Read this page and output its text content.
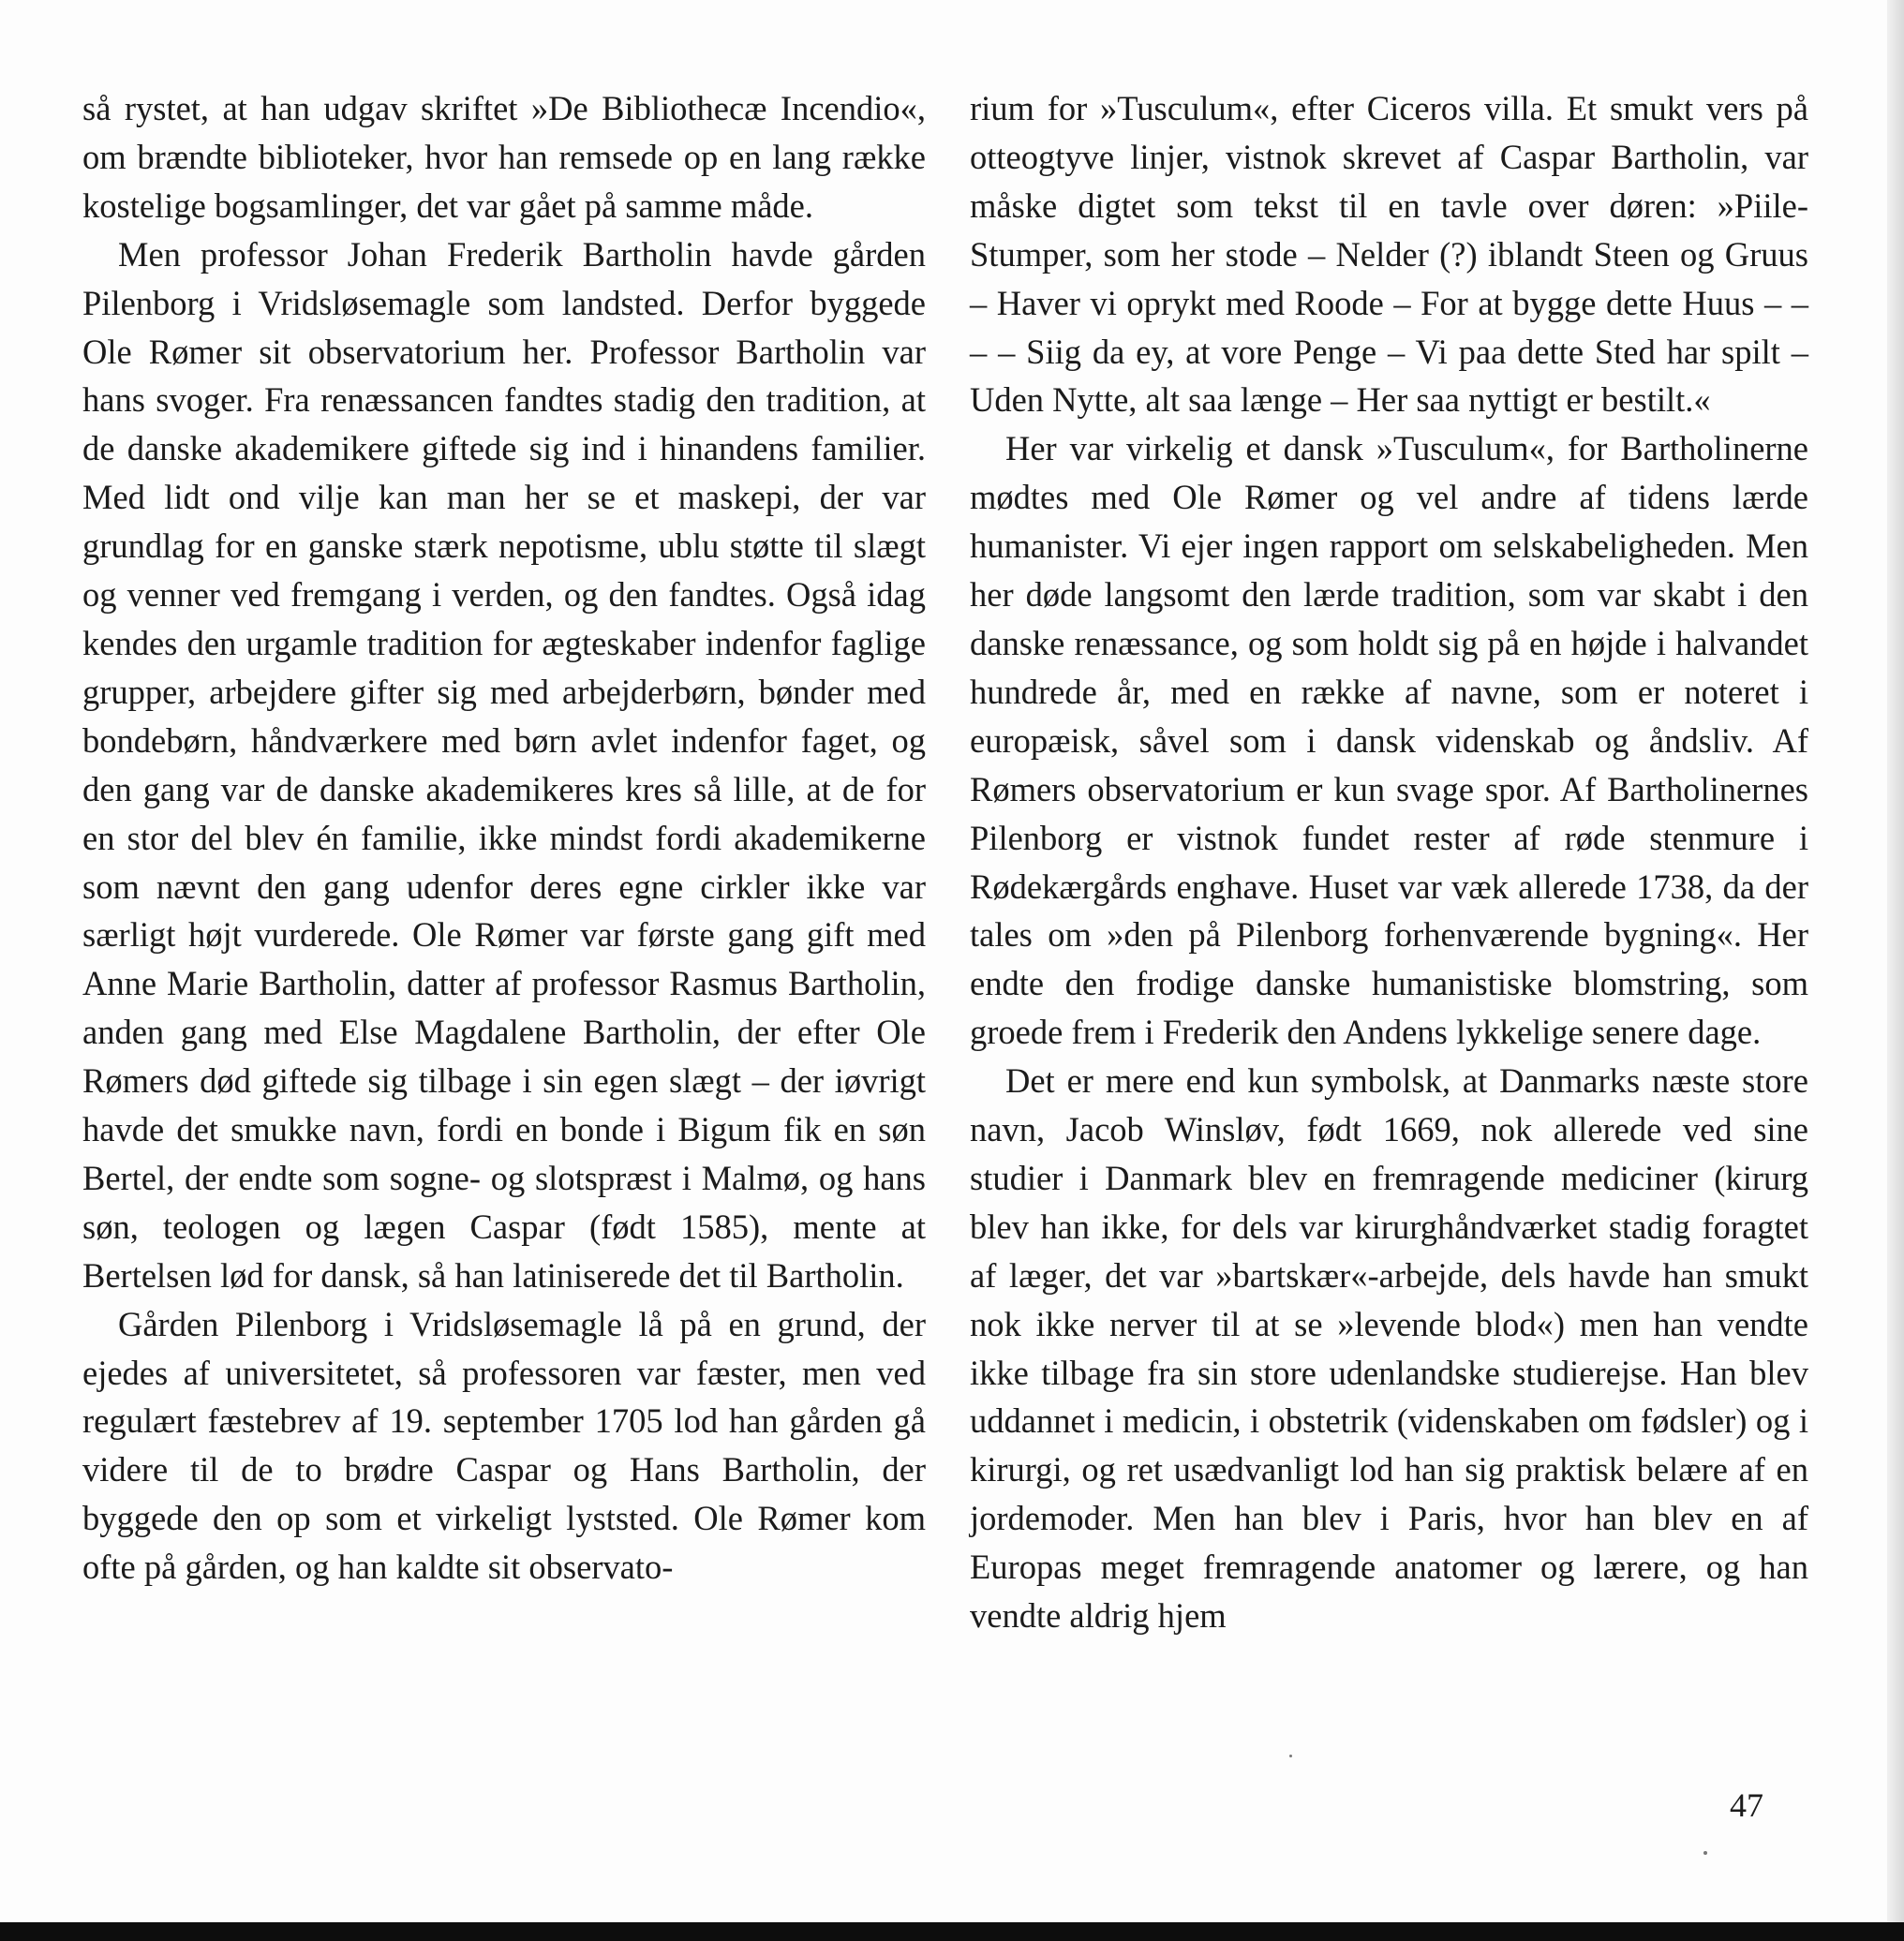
så rystet, at han udgav skriftet »De Bibliothecæ Incendio«, om brændte biblioteker, hvor han remsede op en lang række kostelige bogsamlinger, det var gået på samme måde.

Men professor Johan Frederik Bartholin havde gården Pilenborg i Vridsløsemagle som landsted. Derfor byggede Ole Rømer sit observatorium her. Professor Bartholin var hans svoger. Fra renæssancen fandtes stadig den tradition, at de danske akademikere giftede sig ind i hinandens familier. Med lidt ond vilje kan man her se et maskepi, der var grundlag for en ganske stærk nepotisme, ublu støtte til slægt og venner ved fremgang i verden, og den fandtes. Også idag kendes den urgamle tradition for ægteskaber indenfor faglige grupper, arbejdere gifter sig med arbejderbørn, bønder med bondebørn, håndværkere med børn avlet indenfor faget, og den gang var de danske akademikeres kres så lille, at de for en stor del blev én familie, ikke mindst fordi akademikerne som nævnt den gang udenfor deres egne cirkler ikke var særligt højt vurderede. Ole Rømer var første gang gift med Anne Marie Bartholin, datter af professor Rasmus Bartholin, anden gang med Else Magdalene Bartholin, der efter Ole Rømers død giftede sig tilbage i sin egen slægt – der iøvrigt havde det smukke navn, fordi en bonde i Bigum fik en søn Bertel, der endte som sogne- og slotspræst i Malmø, og hans søn, teologen og lægen Caspar (født 1585), mente at Bertelsen lød for dansk, så han latiniserede det til Bartholin.

Gården Pilenborg i Vridsløsemagle lå på en grund, der ejedes af universitetet, så professoren var fæster, men ved regulært fæstebrev af 19. september 1705 lod han gården gå videre til de to brødre Caspar og Hans Bartholin, der byggede den op som et virkeligt lyststed. Ole Rømer kom ofte på gården, og han kaldte sit observato-

rium for »Tusculum«, efter Ciceros villa. Et smukt vers på otteogtyve linjer, vistnok skrevet af Caspar Bartholin, var måske digtet som tekst til en tavle over døren: »Piile-Stumper, som her stode – Nelder (?) iblandt Steen og Gruus – Haver vi oprykt med Roode – For at bygge dette Huus – – – – Siig da ey, at vore Penge – Vi paa dette Sted har spilt – Uden Nytte, alt saa længe – Her saa nyttigt er bestilt.«

Her var virkelig et dansk »Tusculum«, for Bartholinerne mødtes med Ole Rømer og vel andre af tidens lærde humanister. Vi ejer ingen rapport om selskabeligheden. Men her døde langsomt den lærde tradition, som var skabt i den danske renæssance, og som holdt sig på en højde i halvandet hundrede år, med en række af navne, som er noteret i europæisk, såvel som i dansk videnskab og åndsliv. Af Rømers observatorium er kun svage spor. Af Bartholinernes Pilenborg er vistnok fundet rester af røde stenmure i Rødekærgårds enghave. Huset var væk allerede 1738, da der tales om »den på Pilenborg forhenværende bygning«. Her endte den frodige danske humanistiske blomstring, som groede frem i Frederik den Andens lykkelige senere dage.

Det er mere end kun symbolsk, at Danmarks næste store navn, Jacob Winsløv, født 1669, nok allerede ved sine studier i Danmark blev en fremragende mediciner (kirurg blev han ikke, for dels var kirurghåndværket stadig foragtet af læger, det var »bartskær«-arbejde, dels havde han smukt nok ikke nerver til at se »levende blod«) men han vendte ikke tilbage fra sin store udenlandske studierejse. Han blev uddannet i medicin, i obstetrik (videnskaben om fødsler) og i kirurgi, og ret usædvanligt lod han sig praktisk belære af en jordemoder. Men han blev i Paris, hvor han blev en af Europas meget fremragende anatomer og lærere, og han vendte aldrig hjem

47
